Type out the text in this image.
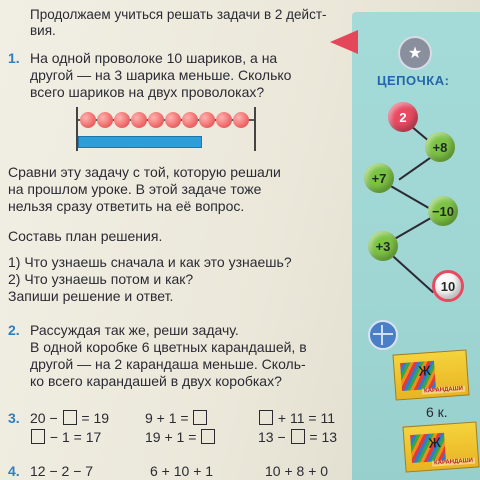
Продолжаем учиться решать задачи в 2 дейст-
вия.
1. На одной проволоке 10 шариков, а на
другой — на 3 шарика меньше. Сколько
всего шариков на двух проволоках?
Сравни эту задачу с той, которую решали
на прошлом уроке. В этой задаче тоже
нельзя сразу ответить на её вопрос.
Составь план решения.
1) Что узнаешь сначала и как это узнаешь?
2) Что узнаешь потом и как?
Запиши решение и ответ.
2. Рассуждая так же, реши задачу.
В одной коробке 6 цветных карандашей, в
другой — на 2 карандаша меньше. Сколь-
ко всего карандашей в двух коробках?
3. 20 −  = 19
− 1 = 17
9 + 1 =
19 + 1 =
+ 11 = 11
13 −  = 13
4. 12 − 2 − 7	6 + 10 + 1	10 + 8 + 0
★
ЦЕПОЧКА:
2
+8
+7
−10
+3
10
ж
КАРАНДАШИ
6 к.
ж
КАРАНДАШИ
